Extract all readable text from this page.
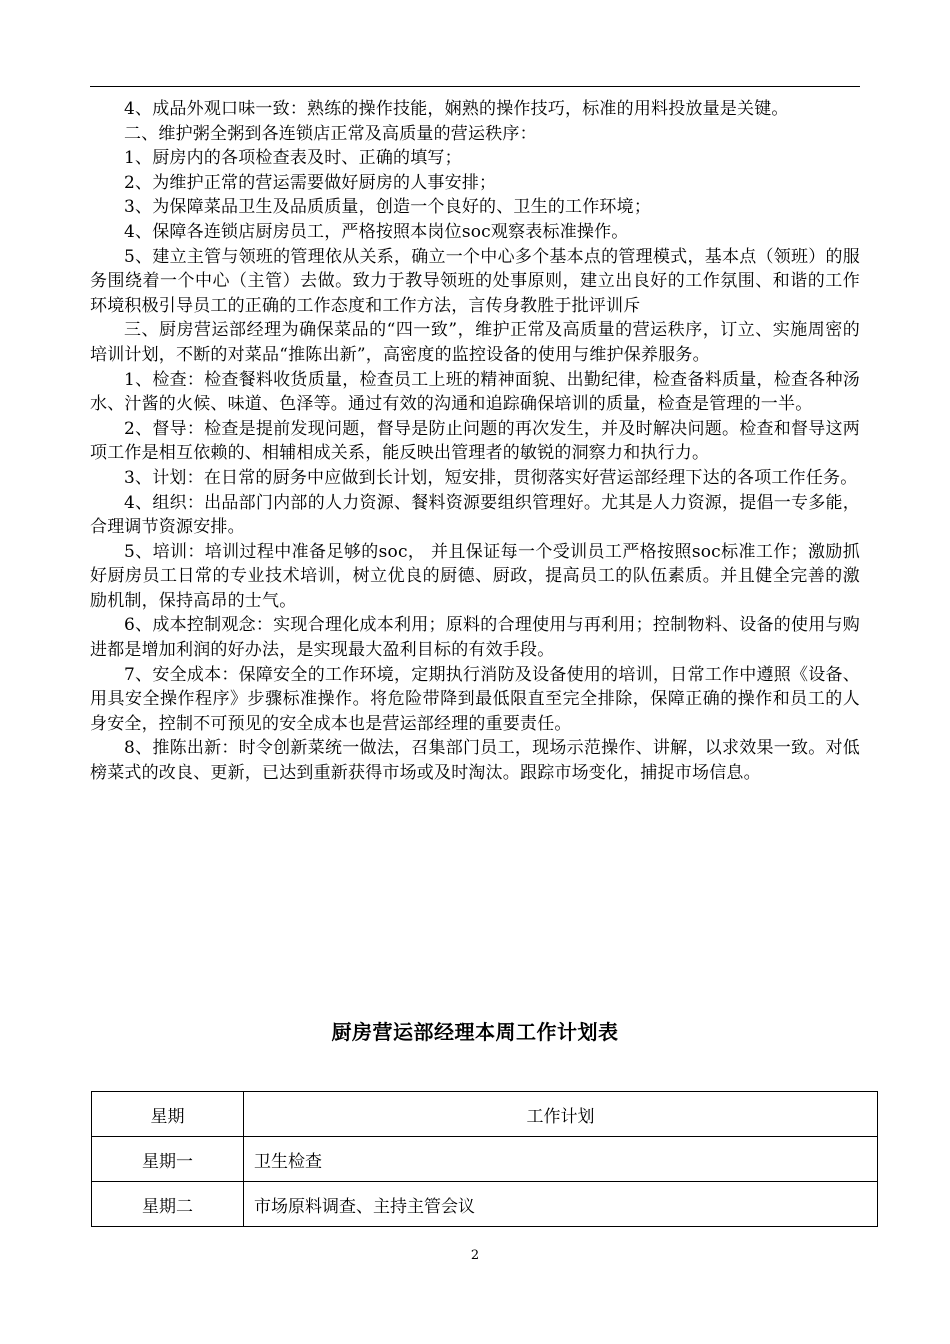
4、成品外观口味一致：熟练的操作技能，娴熟的操作技巧，标准的用料投放量是关键。

二、维护粥全粥到各连锁店正常及高质量的营运秩序：

1、厨房内的各项检查表及时、正确的填写；

2、为维护正常的营运需要做好厨房的人事安排；

3、为保障菜品卫生及品质质量，创造一个良好的、卫生的工作环境；

4、保障各连锁店厨房员工，严格按照本岗位soc观察表标准操作。

5、建立主管与领班的管理依从关系，确立一个中心多个基本点的管理模式，基本点（领班）的服务围绕着一个中心（主管）去做。致力于教导领班的处事原则，建立出良好的工作氛围、和谐的工作环境积极引导员工的正确的工作态度和工作方法，言传身教胜于批评训斥

三、厨房营运部经理为确保菜品的“四一致”，维护正常及高质量的营运秩序，订立、实施周密的培训计划，不断的对菜品“推陈出新”，高密度的监控设备的使用与维护保养服务。

1、检查：检查餐料收货质量，检查员工上班的精神面貌、出勤纪律，检查备料质量，检查各种汤水、汁酱的火候、味道、色泽等。通过有效的沟通和追踪确保培训的质量，检查是管理的一半。

2、督导：检查是提前发现问题，督导是防止问题的再次发生，并及时解决问题。检查和督导这两项工作是相互依赖的、相辅相成关系，能反映出管理者的敏锐的洞察力和执行力。

3、计划：在日常的厨务中应做到长计划，短安排，贯彻落实好营运部经理下达的各项工作任务。

4、组织：出品部门内部的人力资源、餐料资源要组织管理好。尤其是人力资源，提倡一专多能，合理调节资源安排。

5、培训：培训过程中准备足够的soc， 并且保证每一个受训员工严格按照soc标准工作；激励抓好厨房员工日常的专业技术培训，树立优良的厨德、厨政，提高员工的队伍素质。并且健全完善的激励机制，保持高昂的士气。

6、成本控制观念：实现合理化成本利用；原料的合理使用与再利用；控制物料、设备的使用与购进都是增加利润的好办法，是实现最大盈利目标的有效手段。

7、安全成本：保障安全的工作环境，定期执行消防及设备使用的培训，日常工作中遵照《设备、用具安全操作程序》步骤标准操作。将危险带降到最低限直至完全排除，保障正确的操作和员工的人身安全，控制不可预见的安全成本也是营运部经理的重要责任。

8、推陈出新：时令创新菜统一做法，召集部门员工，现场示范操作、讲解，以求效果一致。对低榜菜式的改良、更新，已达到重新获得市场或及时淘汰。跟踪市场变化，捕捉市场信息。

厨房营运部经理本周工作计划表
星期	工作计划
星期一	卫生检查
星期二	市场原料调查、主持主管会议
2
